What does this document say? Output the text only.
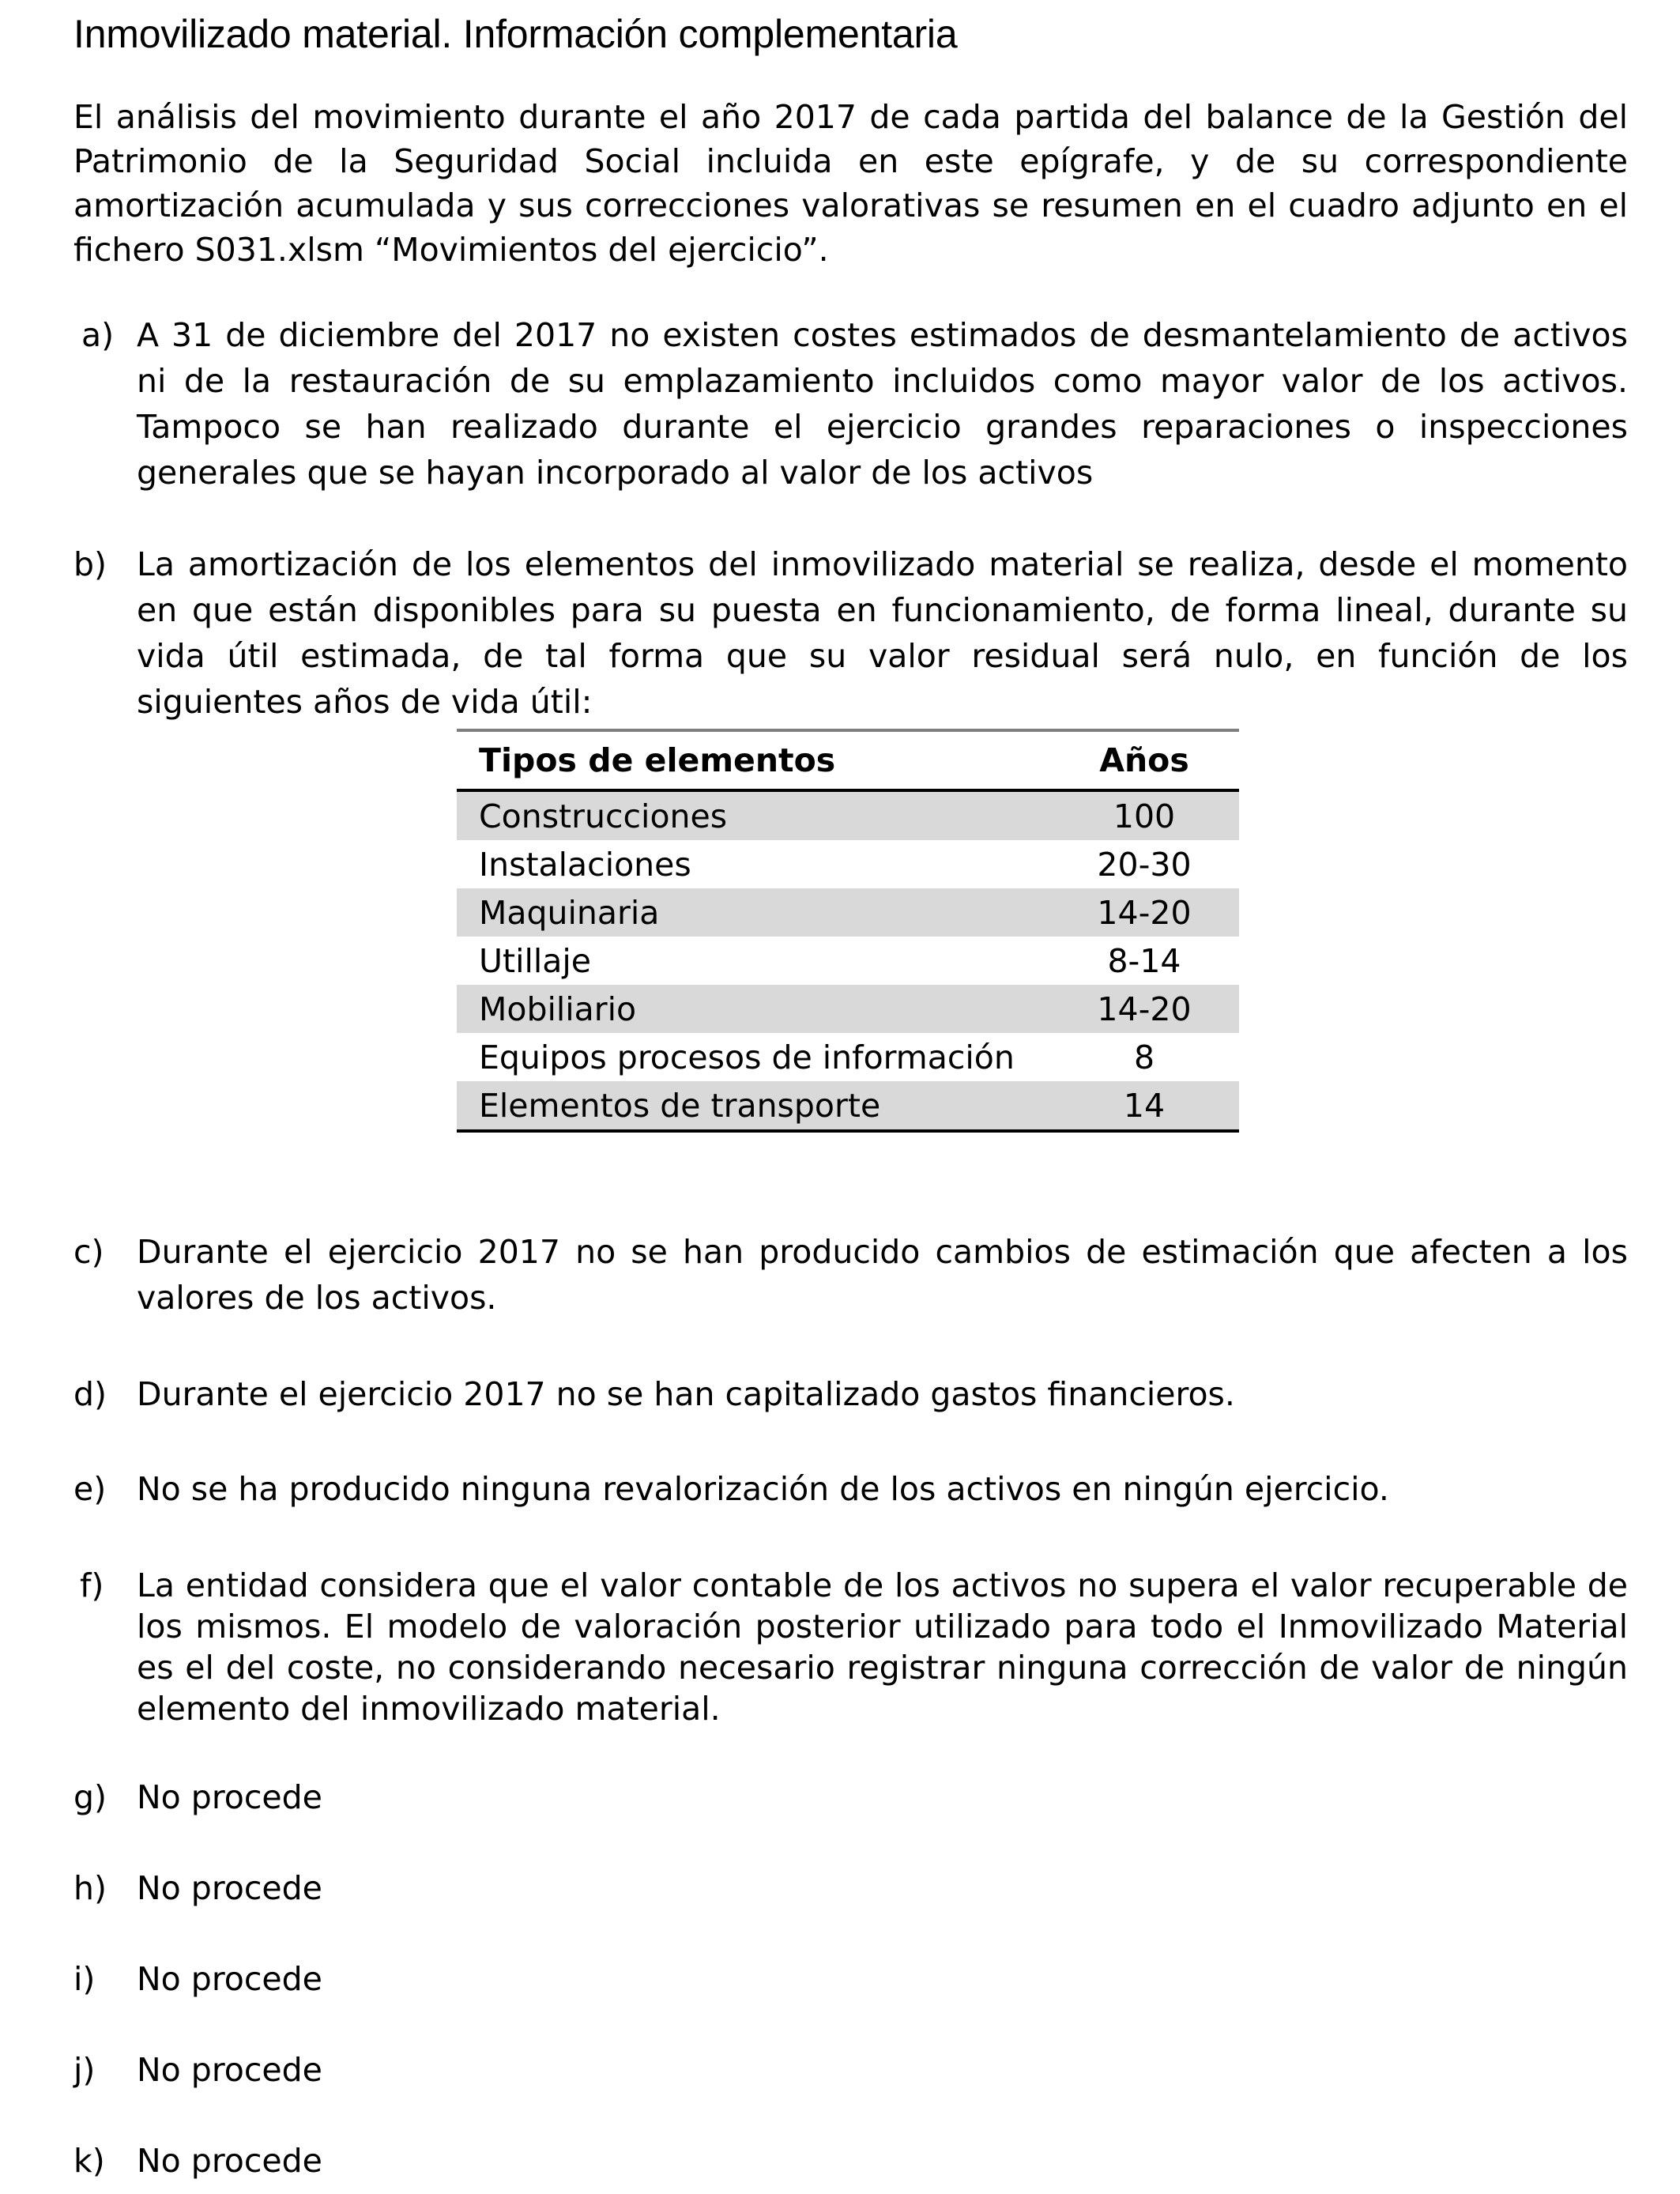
Inmovilizado material. Información complementaria
El análisis del movimiento durante el año 2017 de cada partida del balance de la Gestión del Patrimonio de la Seguridad Social incluida en este epígrafe, y de su correspondiente amortización acumulada y sus correcciones valorativas se resumen en el cuadro adjunto en el fichero S031.xlsm “Movimientos del ejercicio”.
a) A 31 de diciembre del 2017 no existen costes estimados de desmantelamiento de activos ni de la restauración de su emplazamiento incluidos como mayor valor de los activos. Tampoco se han realizado durante el ejercicio grandes reparaciones o inspecciones generales que se hayan incorporado al valor de los activos
b) La amortización de los elementos del inmovilizado material se realiza, desde el momento en que están disponibles para su puesta en funcionamiento, de forma lineal, durante su vida útil estimada, de tal forma que su valor residual será nulo, en función de los siguientes años de vida útil:
Tipos de elementos	Años
Construcciones	100
Instalaciones	20-30
Maquinaria	14-20
Utillaje	8-14
Mobiliario	14-20
Equipos procesos de información	8
Elementos de transporte	14
c) Durante el ejercicio 2017 no se han producido cambios de estimación que afecten a los valores de los activos.
d) Durante el ejercicio 2017 no se han capitalizado gastos financieros.
e) No se ha producido ninguna revalorización de los activos en ningún ejercicio.
f) La entidad considera que el valor contable de los activos no supera el valor recuperable de los mismos. El modelo de valoración posterior utilizado para todo el Inmovilizado Material es el del coste, no considerando necesario registrar ninguna corrección de valor de ningún elemento del inmovilizado material.
g) No procede
h) No procede
i) No procede
j) No procede
k) No procede
